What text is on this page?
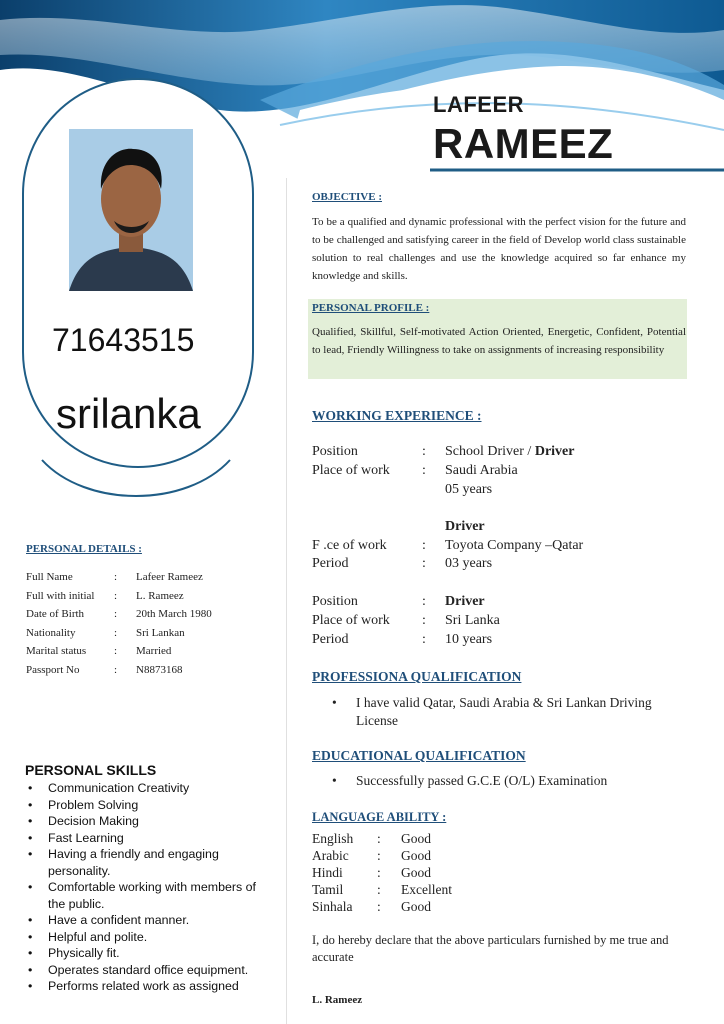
LAFEER
RAMEEZ
71643515
srilanka
PERSONAL DETAILS :
Full Name	:	Lafeer Rameez
Full with initial	:	L. Rameez
Date of Birth	:	20th March 1980
Nationality	:	Sri Lankan
Marital status	:	Married
Passport No	:	N8873168
PERSONAL SKILLS
• Communication Creativity
• Problem Solving
• Decision Making
• Fast Learning
• Having a friendly and engaging personality.
• Comfortable working with members of the public.
• Have a confident manner.
• Helpful and polite.
• Physically fit.
• Operates standard office equipment.
• Performs related work as assigned
OBJECTIVE :
To be a qualified and dynamic professional with the perfect vision for the future and to be challenged and satisfying career in the field of Develop world class sustainable solution to real challenges and use the knowledge acquired so far enhance my knowledge and skills.
PERSONAL PROFILE :
Qualified, Skillful, Self-motivated Action Oriented, Energetic, Confident, Potential to lead, Friendly Willingness to take on assignments of increasing responsibility
WORKING EXPERIENCE :
Position	: School Driver / Driver
Place of work : Saudi Arabia
05 years
Driver
F .ce of work	: Toyota Company –Qatar
Period	: 03 years
Position	: Driver
Place of work : Sri Lanka
Period	: 10 years
PROFESSIONA QUALIFICATION
• I have valid Qatar, Saudi Arabia & Sri Lankan Driving License
EDUCATIONAL QUALIFICATION
• Successfully passed G.C.E (O/L) Examination
LANGUAGE ABILITY :
English : Good
Arabic : Good
Hindi	: Good
Tamil : Excellent
Sinhala : Good
I, do hereby declare that the above particulars furnished by me true and accurate
L. Rameez
